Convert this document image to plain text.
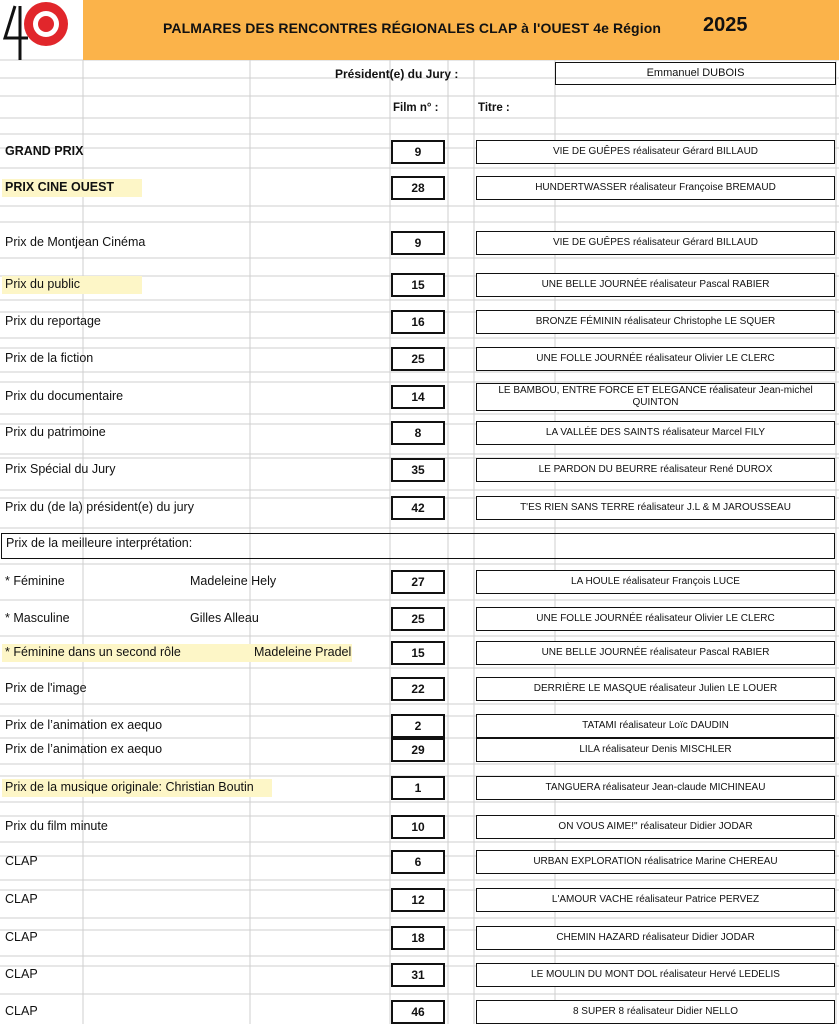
PALMARES DES RENCONTRES RÉGIONALES CLAP à l'OUEST 4e Région 2025
Président(e) du Jury :	Emmanuel DUBOIS
Film n° :	Titre :
Prix de la meilleure interprétation:
GRAND PRIX	9	VIE DE GUÊPES réalisateur Gérard BILLAUD
PRIX CINE OUEST	28	HUNDERTWASSER réalisateur Françoise BREMAUD
Prix de Montjean Cinéma	9	VIE DE GUÊPES réalisateur Gérard BILLAUD
Prix du public	15	UNE BELLE JOURNÉE réalisateur Pascal RABIER
Prix du reportage	16	BRONZE FÉMININ réalisateur Christophe LE SQUER
Prix de la fiction	25	UNE FOLLE JOURNÉE réalisateur Olivier LE CLERC
Prix du documentaire	14	LE BAMBOU, ENTRE FORCE ET ELEGANCE réalisateur Jean-michel QUINTON
Prix du patrimoine	8	LA VALLÉE DES SAINTS réalisateur Marcel FILY
Prix Spécial du Jury	35	LE PARDON DU BEURRE réalisateur René DUROX
Prix du (de la) président(e) du jury	42	T'ES RIEN SANS TERRE réalisateur J.L & M JAROUSSEAU
* Féminine	Madeleine Hely	27	LA HOULE réalisateur François LUCE
* Masculine	Gilles Alleau	25	UNE FOLLE JOURNÉE réalisateur Olivier LE CLERC
* Féminine dans un second rôle	Madeleine Pradel	15	UNE BELLE JOURNÉE réalisateur Pascal RABIER
Prix de l'image	22	DERRIÈRE LE MASQUE réalisateur Julien LE LOUER
Prix de l’animation ex aequo	2	TATAMI réalisateur Loïc DAUDIN
Prix de l’animation ex aequo	29	LILA réalisateur Denis MISCHLER
Prix de la musique originale: Christian Boutin	1	TANGUERA réalisateur Jean-claude MICHINEAU
Prix du film minute	10	ON VOUS AIME!" réalisateur Didier JODAR
CLAP	6	URBAN EXPLORATION réalisatrice Marine CHEREAU
CLAP	12	L'AMOUR VACHE réalisateur Patrice PERVEZ
CLAP	18	CHEMIN HAZARD réalisateur Didier JODAR
CLAP	31	LE MOULIN DU MONT DOL réalisateur Hervé LEDELIS
CLAP	46	8 SUPER 8 réalisateur Didier NELLO
